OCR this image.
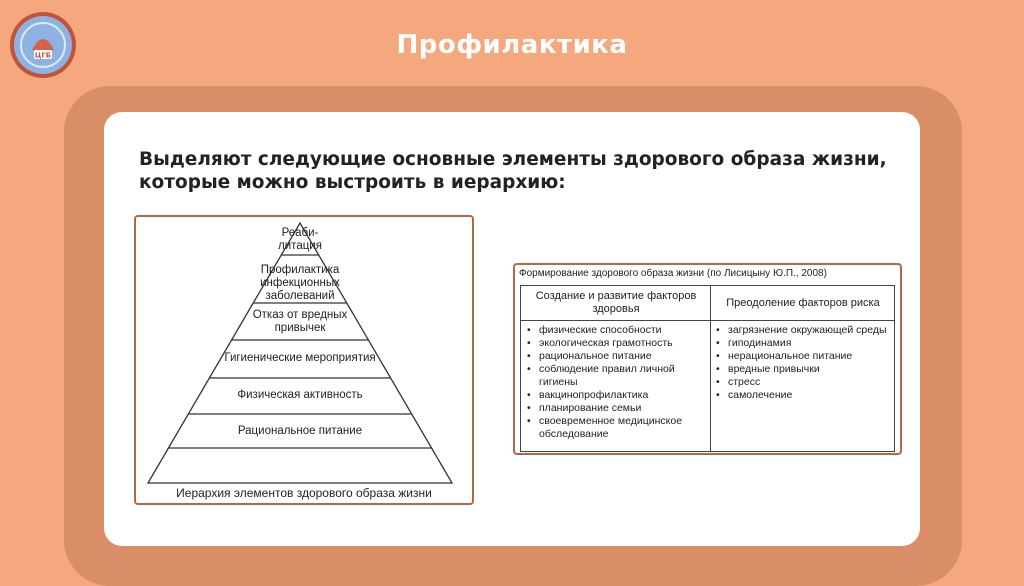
ЦГБ	Профилактика
Выделяют следующие основные элементы здорового образа жизни,
которые можно выстроить в иерархию:
Реаби-
литация
Профилактика
инфекционных
заболеваний
Отказ от вредных
привычек
Гигиенические мероприятия
Физическая активность
Рациональное питание
Иерархия элементов здорового образа жизни
Формирование здорового образа жизни (по Лисицыну Ю.П., 2008)
Создание и развитие факторов здоровья	Преодоление факторов риска
• физические способности
• экологическая грамотность
• рациональное питание
• соблюдение правил личной гигиены
• вакцинопрофилактика
• планирование семьи
• своевременное медицинское обследование
• загрязнение окружающей среды
• гиподинамия
• нерациональное питание
• вредные привычки
• стресс
• самолечение
